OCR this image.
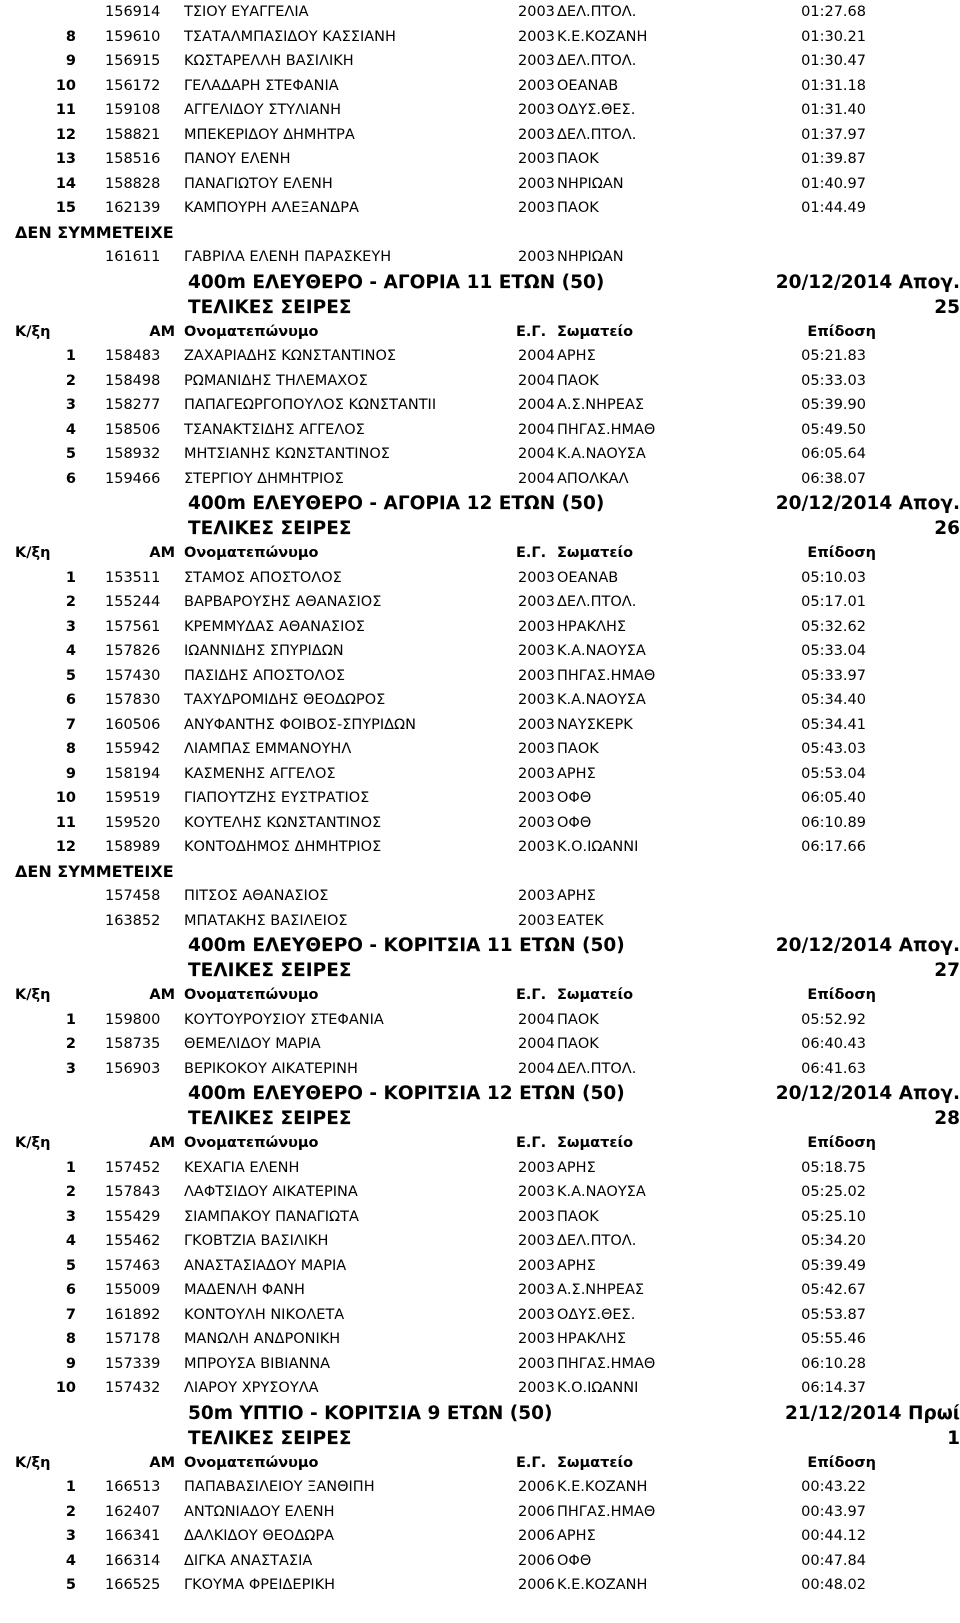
156914	ΤΣΙΟΥ ΕΥΑΓΓΕΛΙΑ	2003 ΔΕΛ.ΠΤΟΛ.	01:27.68
8 159610	ΤΣΑΤΑΛΜΠΑΣΙΔΟΥ ΚΑΣΣΙΑΝΗ	2003 Κ.Ε.ΚΟΖΑΝΗ	01:30.21
9 156915	ΚΩΣΤΑΡΕΛΛΗ ΒΑΣΙΛΙΚΗ	2003 ΔΕΛ.ΠΤΟΛ.	01:30.47
10 156172	ΓΕΛΑΔΑΡΗ ΣΤΕΦΑΝΙΑ	2003 ΟΕΑΝΑΒ	01:31.18
11 159108	ΑΓΓΕΛΙΔΟΥ ΣΤΥΛΙΑΝΗ	2003 ΟΔΥΣ.ΘΕΣ.	01:31.40
12 158821	ΜΠΕΚΕΡΙΔΟΥ ΔΗΜΗΤΡΑ	2003 ΔΕΛ.ΠΤΟΛ.	01:37.97
13 158516	ΠΑΝΟΥ ΕΛΕΝΗ	2003 ΠΑΟΚ	01:39.87
14 158828	ΠΑΝΑΓΙΩΤΟΥ ΕΛΕΝΗ	2003 ΝΗΡΙΩΑΝ	01:40.97
15 162139	ΚΑΜΠΟΥΡΗ ΑΛΕΞΑΝΔΡΑ	2003 ΠΑΟΚ	01:44.49
ΔΕΝ ΣΥΜΜΕΤΕΙΧΕ
161611	ΓΑΒΡΙΛΑ ΕΛΕΝΗ ΠΑΡΑΣΚΕΥΗ	2003 ΝΗΡΙΩΑΝ
400m ΕΛΕΥΘΕΡΟ - ΑΓΟΡΙΑ 11 ΕΤΩΝ (50)	20/12/2014 Απογ.
ΤΕΛΙΚΕΣ ΣΕΙΡΕΣ	25
Κ/ξη	ΑΜ Ονοματεπώνυμο	Ε.Γ. Σωματείο	Επίδοση
1 158483	ΖΑΧΑΡΙΑΔΗΣ ΚΩΝΣΤΑΝΤΙΝΟΣ	2004 ΑΡΗΣ	05:21.83
2 158498	ΡΩΜΑΝΙΔΗΣ ΤΗΛΕΜΑΧΟΣ	2004 ΠΑΟΚ	05:33.03
3 158277	ΠΑΠΑΓΕΩΡΓΟΠΟΥΛΟΣ ΚΩΝΣΤΑΝΤΙΙ	2004 Α.Σ.ΝΗΡΕΑΣ	05:39.90
4 158506	ΤΣΑΝΑΚΤΣΙΔΗΣ ΑΓΓΕΛΟΣ	2004 ΠΗΓΑΣ.ΗΜΑΘ	05:49.50
5 158932	ΜΗΤΣΙΑΝΗΣ ΚΩΝΣΤΑΝΤΙΝΟΣ	2004 Κ.Α.ΝΑΟΥΣΑ	06:05.64
6 159466	ΣΤΕΡΓΙΟΥ ΔΗΜΗΤΡΙΟΣ	2004 ΑΠΟΛΚΑΛ	06:38.07
400m ΕΛΕΥΘΕΡΟ - ΑΓΟΡΙΑ 12 ΕΤΩΝ (50)	20/12/2014 Απογ.
ΤΕΛΙΚΕΣ ΣΕΙΡΕΣ	26
Κ/ξη	ΑΜ Ονοματεπώνυμο	Ε.Γ. Σωματείο	Επίδοση
1 153511	ΣΤΑΜΟΣ ΑΠΟΣΤΟΛΟΣ	2003 ΟΕΑΝΑΒ	05:10.03
2 155244	ΒΑΡΒΑΡΟΥΣΗΣ ΑΘΑΝΑΣΙΟΣ	2003 ΔΕΛ.ΠΤΟΛ.	05:17.01
3 157561	ΚΡΕΜΜΥΔΑΣ ΑΘΑΝΑΣΙΟΣ	2003 ΗΡΑΚΛΗΣ	05:32.62
4 157826	ΙΩΑΝΝΙΔΗΣ ΣΠΥΡΙΔΩΝ	2003 Κ.Α.ΝΑΟΥΣΑ	05:33.04
5 157430	ΠΑΣΙΔΗΣ ΑΠΟΣΤΟΛΟΣ	2003 ΠΗΓΑΣ.ΗΜΑΘ	05:33.97
6 157830	ΤΑΧΥΔΡΟΜΙΔΗΣ ΘΕΟΔΩΡΟΣ	2003 Κ.Α.ΝΑΟΥΣΑ	05:34.40
7 160506	ΑΝΥΦΑΝΤΗΣ ΦΟΙΒΟΣ-ΣΠΥΡΙΔΩΝ	2003 ΝΑΥΣΚΕΡΚ	05:34.41
8 155942	ΛΙΑΜΠΑΣ ΕΜΜΑΝΟΥΗΛ	2003 ΠΑΟΚ	05:43.03
9 158194	ΚΑΣΜΕΝΗΣ ΑΓΓΕΛΟΣ	2003 ΑΡΗΣ	05:53.04
10 159519	ΓΙΑΠΟΥΤΖΗΣ ΕΥΣΤΡΑΤΙΟΣ	2003 ΟΦΘ	06:05.40
11 159520	ΚΟΥΤΕΛΗΣ ΚΩΝΣΤΑΝΤΙΝΟΣ	2003 ΟΦΘ	06:10.89
12 158989	ΚΟΝΤΟΔΗΜΟΣ ΔΗΜΗΤΡΙΟΣ	2003 Κ.Ο.ΙΩΑΝΝΙ	06:17.66
ΔΕΝ ΣΥΜΜΕΤΕΙΧΕ
157458	ΠΙΤΣΟΣ ΑΘΑΝΑΣΙΟΣ	2003 ΑΡΗΣ
163852	ΜΠΑΤΑΚΗΣ ΒΑΣΙΛΕΙΟΣ	2003 ΕΑΤΕΚ
400m ΕΛΕΥΘΕΡΟ - ΚΟΡΙΤΣΙΑ 11 ΕΤΩΝ (50)	20/12/2014 Απογ.
ΤΕΛΙΚΕΣ ΣΕΙΡΕΣ	27
Κ/ξη	ΑΜ Ονοματεπώνυμο	Ε.Γ. Σωματείο	Επίδοση
1 159800	ΚΟΥΤΟΥΡΟΥΣΙΟΥ ΣΤΕΦΑΝΙΑ	2004 ΠΑΟΚ	05:52.92
2 158735	ΘΕΜΕΛΙΔΟΥ ΜΑΡΙΑ	2004 ΠΑΟΚ	06:40.43
3 156903	ΒΕΡΙΚΟΚΟΥ ΑΙΚΑΤΕΡΙΝΗ	2004 ΔΕΛ.ΠΤΟΛ.	06:41.63
400m ΕΛΕΥΘΕΡΟ - ΚΟΡΙΤΣΙΑ 12 ΕΤΩΝ (50)	20/12/2014 Απογ.
ΤΕΛΙΚΕΣ ΣΕΙΡΕΣ	28
Κ/ξη	ΑΜ Ονοματεπώνυμο	Ε.Γ. Σωματείο	Επίδοση
1 157452	ΚΕΧΑΓΙΑ ΕΛΕΝΗ	2003 ΑΡΗΣ	05:18.75
2 157843	ΛΑΦΤΣΙΔΟΥ ΑΙΚΑΤΕΡΙΝΑ	2003 Κ.Α.ΝΑΟΥΣΑ	05:25.02
3 155429	ΣΙΑΜΠΑΚΟΥ ΠΑΝΑΓΙΩΤΑ	2003 ΠΑΟΚ	05:25.10
4 155462	ΓΚΟΒΤΖΙΑ ΒΑΣΙΛΙΚΗ	2003 ΔΕΛ.ΠΤΟΛ.	05:34.20
5 157463	ΑΝΑΣΤΑΣΙΑΔΟΥ ΜΑΡΙΑ	2003 ΑΡΗΣ	05:39.49
6 155009	ΜΑΔΕΝΛΗ ΦΑΝΗ	2003 Α.Σ.ΝΗΡΕΑΣ	05:42.67
7 161892	ΚΟΝΤΟΥΛΗ ΝΙΚΟΛΕΤΑ	2003 ΟΔΥΣ.ΘΕΣ.	05:53.87
8 157178	ΜΑΝΩΛΗ ΑΝΔΡΟΝΙΚΗ	2003 ΗΡΑΚΛΗΣ	05:55.46
9 157339	ΜΠΡΟΥΣΑ ΒΙΒΙΑΝΝΑ	2003 ΠΗΓΑΣ.ΗΜΑΘ	06:10.28
10 157432	ΛΙΑΡΟΥ ΧΡΥΣΟΥΛΑ	2003 Κ.Ο.ΙΩΑΝΝΙ	06:14.37
50m ΥΠΤΙΟ - ΚΟΡΙΤΣΙΑ 9 ΕΤΩΝ (50)	21/12/2014 Πρωί
ΤΕΛΙΚΕΣ ΣΕΙΡΕΣ	1
Κ/ξη	ΑΜ Ονοματεπώνυμο	Ε.Γ. Σωματείο	Επίδοση
1 166513	ΠΑΠΑΒΑΣΙΛΕΙΟΥ ΞΑΝΘΙΠΗ	2006 Κ.Ε.ΚΟΖΑΝΗ	00:43.22
2 162407	ΑΝΤΩΝΙΑΔΟΥ ΕΛΕΝΗ	2006 ΠΗΓΑΣ.ΗΜΑΘ	00:43.97
3 166341	ΔΑΛΚΙΔΟΥ ΘΕΟΔΩΡΑ	2006 ΑΡΗΣ	00:44.12
4 166314	ΔΙΓΚΑ ΑΝΑΣΤΑΣΙΑ	2006 ΟΦΘ	00:47.84
5 166525	ΓΚΟΥΜΑ ΦΡΕΙΔΕΡΙΚΗ	2006 Κ.Ε.ΚΟΖΑΝΗ	00:48.02
